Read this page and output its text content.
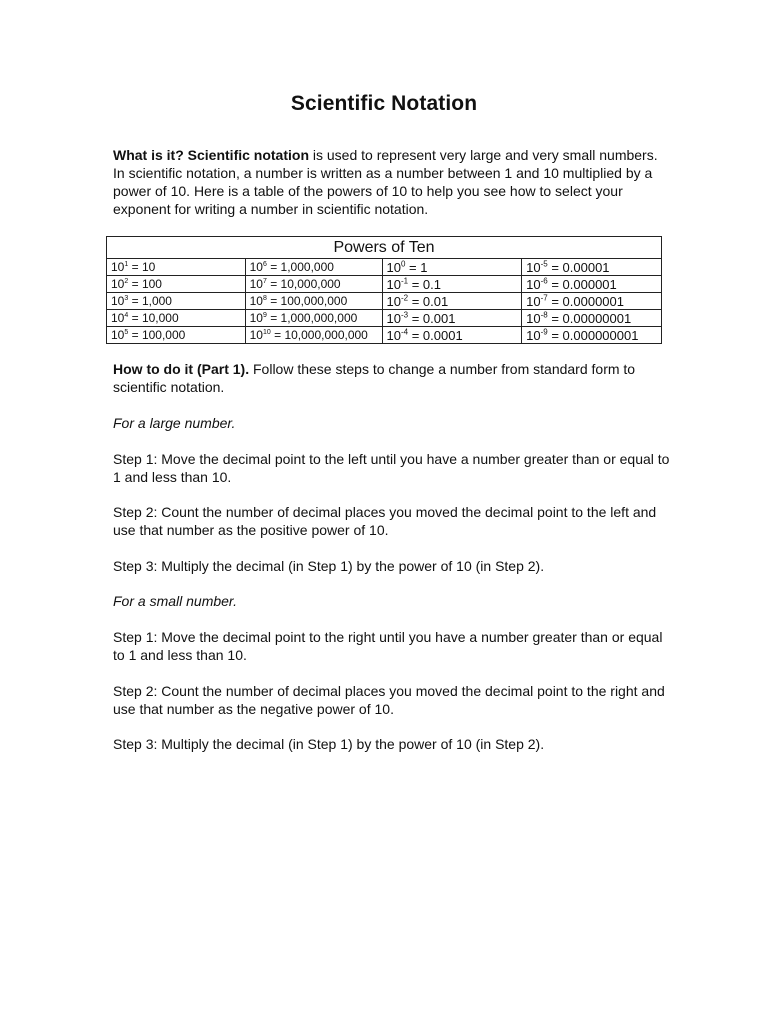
Scientific Notation

What is it? Scientific notation is used to represent very large and very small numbers. In scientific notation, a number is written as a number between 1 and 10 multiplied by a power of 10. Here is a table of the powers of 10 to help you see how to select your exponent for writing a number in scientific notation.

Powers of Ten			
$10^1 = 10$	$10^6 = 1,000,000$	$10^0 = 1$	$10^{-5} = 0.00001$
$10^2 = 100$	$10^7 = 10,000,000$	$10^{-1} = 0.1$	$10^{-6} = 0.000001$
$10^3 = 1,000$	$10^8 = 100,000,000$	$10^{-2} = 0.01$	$10^{-7} = 0.0000001$
$10^4 = 10,000$	$10^9 = 1,000,000,000$	$10^{-3} = 0.001$	$10^{-8} = 0.00000001$
$10^5 = 100,000$	$10^{10} = 10,000,000,000$	$10^{-4} = 0.0001$	$10^{-9} = 0.000000001$

How to do it (Part 1). Follow these steps to change a number from standard form to scientific notation.

For a large number.

Step 1: Move the decimal point to the left until you have a number greater than or equal to 1 and less than 10.

Step 2: Count the number of decimal places you moved the decimal point to the left and use that number as the positive power of 10.

Step 3: Multiply the decimal (in Step 1) by the power of 10 (in Step 2).

For a small number.

Step 1: Move the decimal point to the right until you have a number greater than or equal to 1 and less than 10.

Step 2: Count the number of decimal places you moved the decimal point to the right and use that number as the negative power of 10.

Step 3: Multiply the decimal (in Step 1) by the power of 10 (in Step 2).
